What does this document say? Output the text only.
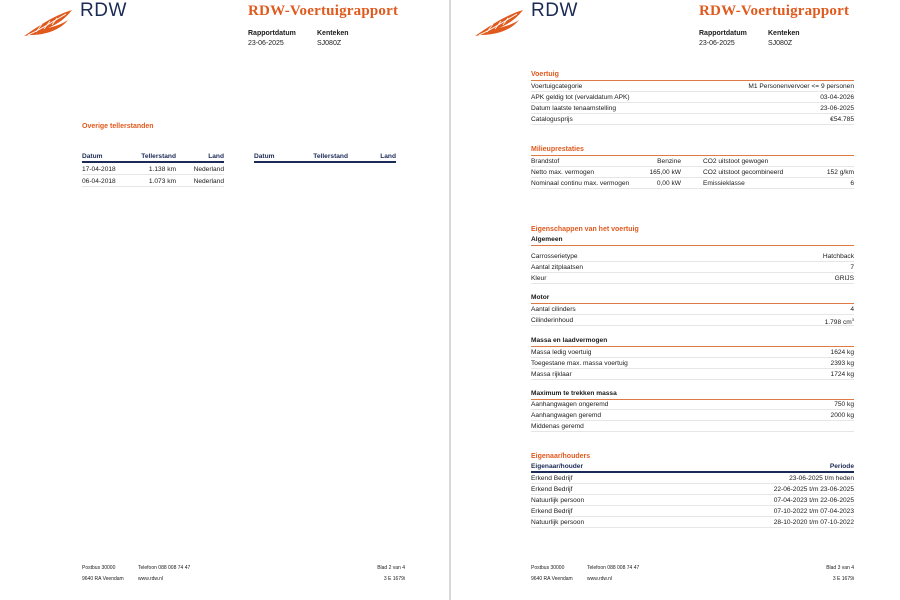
RDW	RDW-Voertuigrapport
Rapportdatum	Kenteken
23-06-2025	SJ080Z
Overige tellerstanden
Datum	Tellerstand	Land
17-04-2018	1.138 km	Nederland
06-04-2018	1.073 km	Nederland
Datum	Tellerstand	Land
Postbus 30000
9640 RA Veendam
Telefoon 088 008 74 47
www.rdw.nl
Blad 2 van 4
3 E 1679i
RDW	RDW-Voertuigrapport
Rapportdatum	Kenteken
23-06-2025	SJ080Z
Voertuig
Voertuigcategorie	M1 Personenvervoer <= 9 personen
APK geldig tot (vervaldatum APK)	03-04-2026
Datum laatste tenaamstelling	23-06-2025
Catalogusprijs	€54.785
Milieuprestaties
Brandstof	Benzine	CO2 uitstoot gewogen
Netto max. vermogen	165,00 kW	CO2 uitstoot gecombineerd	152 g/km
Nominaal continu max. vermogen	0,00 kW	Emissieklasse	6
Eigenschappen van het voertuig
Algemeen
Carrosserietype	Hatchback
Aantal zitplaatsen	7
Kleur	GRIJS
Motor
Aantal cilinders	4
Cilinderinhoud	1.798 $cm^3$
Massa en laadvermogen
Massa ledig voertuig	1624 kg
Toegestane max. massa voertuig	2393 kg
Massa rijklaar	1724 kg
Maximum te trekken massa
Aanhangwagen ongeremd	750 kg
Aanhangwagen geremd	2000 kg
Middenas geremd
Eigenaar/houders
Eigenaar/houder	Periode
Erkend Bedrijf	23-06-2025 t/m heden
Erkend Bedrijf	22-06-2025 t/m 23-06-2025
Natuurlijk persoon	07-04-2023 t/m 22-06-2025
Erkend Bedrijf	07-10-2022 t/m 07-04-2023
Natuurlijk persoon	28-10-2020 t/m 07-10-2022
Postbus 30000
9640 RA Veendam
Telefoon 088 008 74 47
www.rdw.nl
Blad 3 van 4
3 E 1679i
